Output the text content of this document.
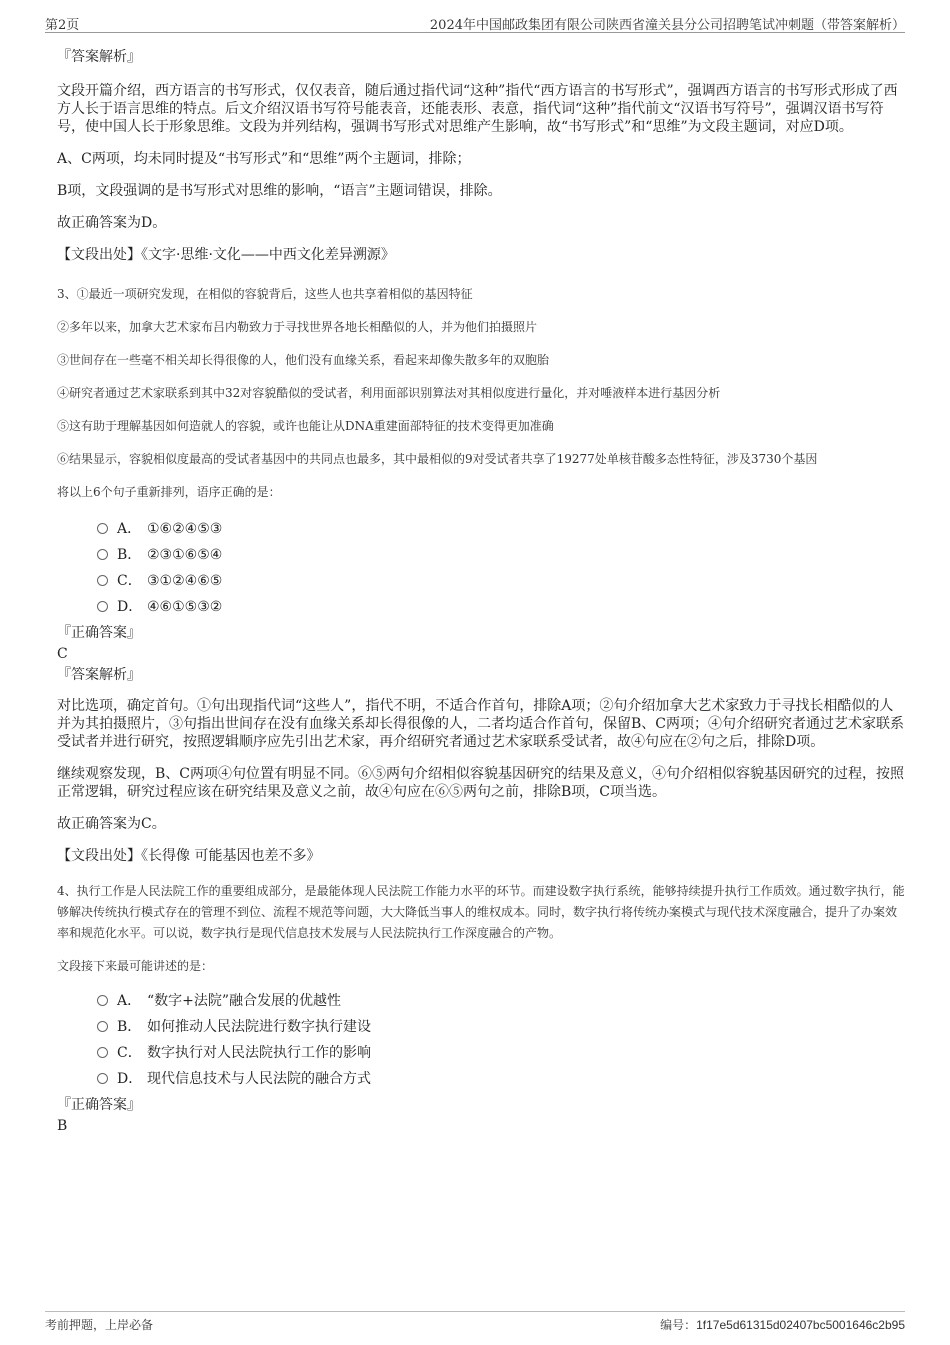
第2页	2024年中国邮政集团有限公司陕西省潼关县分公司招聘笔试冲刺题（带答案解析）

『答案解析』

文段开篇介绍，西方语言的书写形式，仅仅表音，随后通过指代词“这种”指代“西方语言的书写形式”，强调西方语言的书写形式形成了西方人长于语言思维的特点。后文介绍汉语书写符号能表音，还能表形、表意，指代词“这种”指代前文“汉语书写符号”，强调汉语书写符号，使中国人长于形象思维。文段为并列结构，强调书写形式对思维产生影响，故“书写形式”和“思维”为文段主题词，对应D项。

A、C两项，均未同时提及“书写形式”和“思维”两个主题词，排除；

B项，文段强调的是书写形式对思维的影响，“语言”主题词错误，排除。

故正确答案为D。

【文段出处】《文字·思维·文化——中西文化差异溯源》

3、①最近一项研究发现，在相似的容貌背后，这些人也共享着相似的基因特征

②多年以来，加拿大艺术家布吕内勒致力于寻找世界各地长相酷似的人，并为他们拍摄照片

③世间存在一些毫不相关却长得很像的人，他们没有血缘关系，看起来却像失散多年的双胞胎

④研究者通过艺术家联系到其中32对容貌酷似的受试者，利用面部识别算法对其相似度进行量化，并对唾液样本进行基因分析

⑤这有助于理解基因如何造就人的容貌，或许也能让从DNA重建面部特征的技术变得更加准确

⑥结果显示，容貌相似度最高的受试者基因中的共同点也最多，其中最相似的9对受试者共享了19277处单核苷酸多态性特征，涉及3730个基因

将以上6个句子重新排列，语序正确的是：

A． ①⑥②④⑤③
B． ②③①⑥⑤④
C． ③①②④⑥⑤
D． ④⑥①⑤③②

『正确答案』

C

『答案解析』

对比选项，确定首句。①句出现指代词“这些人”，指代不明，不适合作首句，排除A项；②句介绍加拿大艺术家致力于寻找长相酷似的人并为其拍摄照片，③句指出世间存在没有血缘关系却长得很像的人，二者均适合作首句，保留B、C两项；④句介绍研究者通过艺术家联系受试者并进行研究，按照逻辑顺序应先引出艺术家，再介绍研究者通过艺术家联系受试者，故④句应在②句之后，排除D项。

继续观察发现，B、C两项④句位置有明显不同。⑥⑤两句介绍相似容貌基因研究的结果及意义，④句介绍相似容貌基因研究的过程，按照正常逻辑，研究过程应该在研究结果及意义之前，故④句应在⑥⑤两句之前，排除B项，C项当选。

故正确答案为C。

【文段出处】《长得像 可能基因也差不多》

4、执行工作是人民法院工作的重要组成部分，是最能体现人民法院工作能力水平的环节。而建设数字执行系统，能够持续提升执行工作质效。通过数字执行，能够解决传统执行模式存在的管理不到位、流程不规范等问题，大大降低当事人的维权成本。同时，数字执行将传统办案模式与现代技术深度融合，提升了办案效率和规范化水平。可以说，数字执行是现代信息技术发展与人民法院执行工作深度融合的产物。

文段接下来最可能讲述的是：

A． “数字+法院”融合发展的优越性
B． 如何推动人民法院进行数字执行建设
C． 数字执行对人民法院执行工作的影响
D． 现代信息技术与人民法院的融合方式

『正确答案』

B

考前押题，上岸必备	编号：1f17e5d61315d02407bc5001646c2b95
